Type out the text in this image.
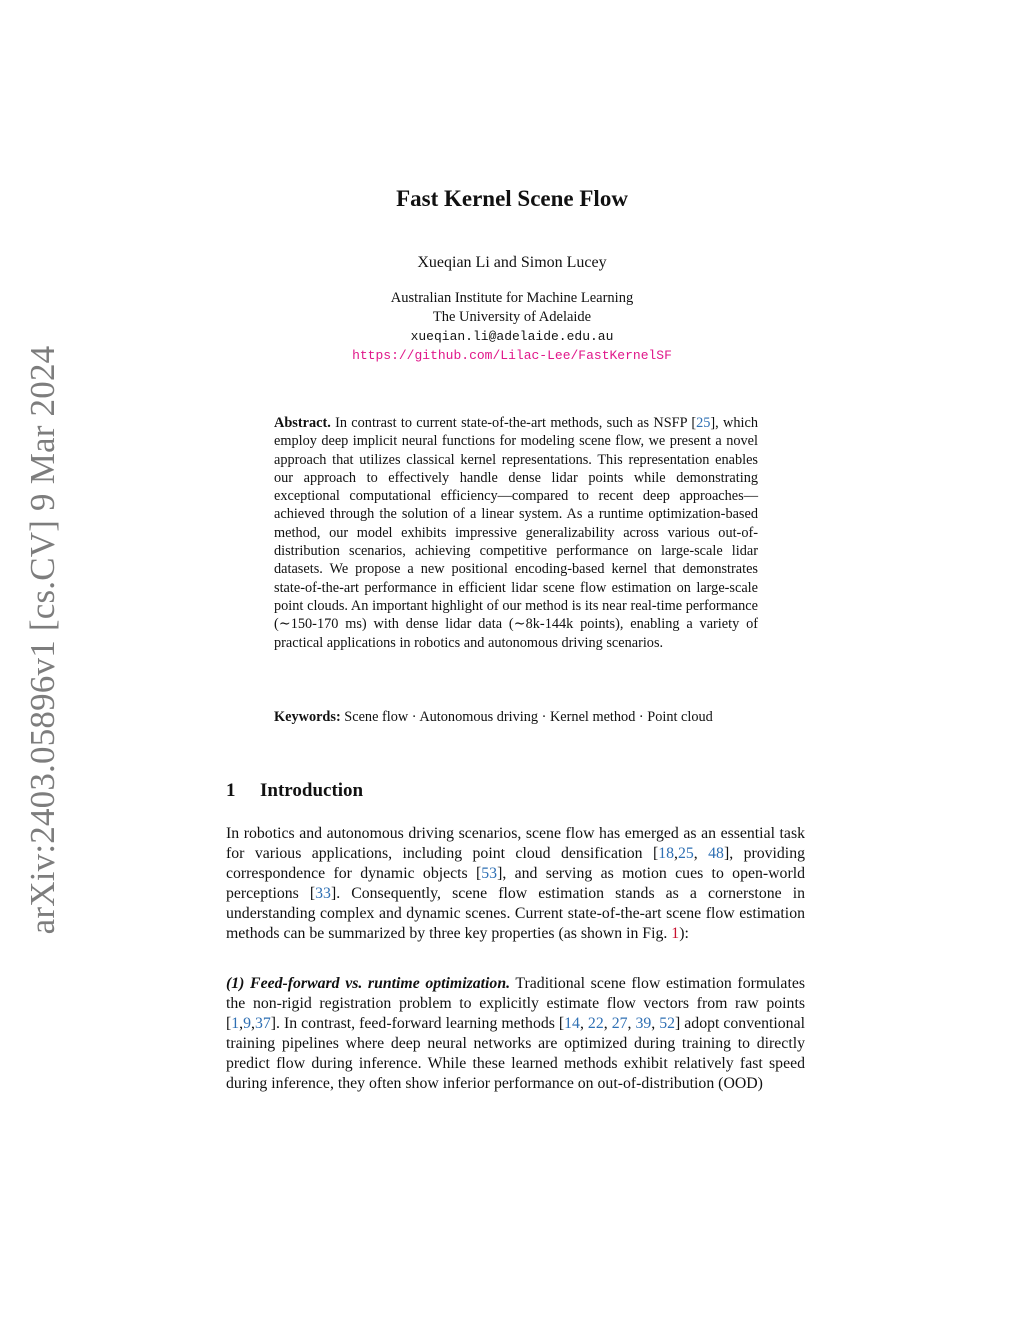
arXiv:2403.05896v1 [cs.CV] 9 Mar 2024
Fast Kernel Scene Flow
Xueqian Li and Simon Lucey
Australian Institute for Machine Learning
The University of Adelaide
xueqian.li@adelaide.edu.au
https://github.com/Lilac-Lee/FastKernelSF
Abstract. In contrast to current state-of-the-art methods, such as NSFP [25], which employ deep implicit neural functions for modeling scene flow, we present a novel approach that utilizes classical kernel representations. This representation enables our approach to effectively handle dense lidar points while demonstrating exceptional computational efficiency—compared to recent deep approaches—achieved through the solution of a linear system. As a runtime optimization-based method, our model exhibits impressive generalizability across various out-of-distribution scenarios, achieving competitive performance on large-scale lidar datasets. We propose a new positional encoding-based kernel that demonstrates state-of-the-art performance in efficient lidar scene flow estimation on large-scale point clouds. An important highlight of our method is its near real-time performance (∼150-170 ms) with dense lidar data (∼8k-144k points), enabling a variety of practical applications in robotics and autonomous driving scenarios.
Keywords: Scene flow · Autonomous driving · Kernel method · Point cloud
1 Introduction

In robotics and autonomous driving scenarios, scene flow has emerged as an essential task for various applications, including point cloud densification [18,25, 48], providing correspondence for dynamic objects [53], and serving as motion cues to open-world perceptions [33]. Consequently, scene flow estimation stands as a cornerstone in understanding complex and dynamic scenes. Current state-of-the-art scene flow estimation methods can be summarized by three key properties (as shown in Fig. 1):

(1) Feed-forward vs. runtime optimization. Traditional scene flow estimation formulates the non-rigid registration problem to explicitly estimate flow vectors from raw points [1,9,37]. In contrast, feed-forward learning methods [14, 22, 27, 39, 52] adopt conventional training pipelines where deep neural networks are optimized during training to directly predict flow during inference. While these learned methods exhibit relatively fast speed during inference, they often show inferior performance on out-of-distribution (OOD)
